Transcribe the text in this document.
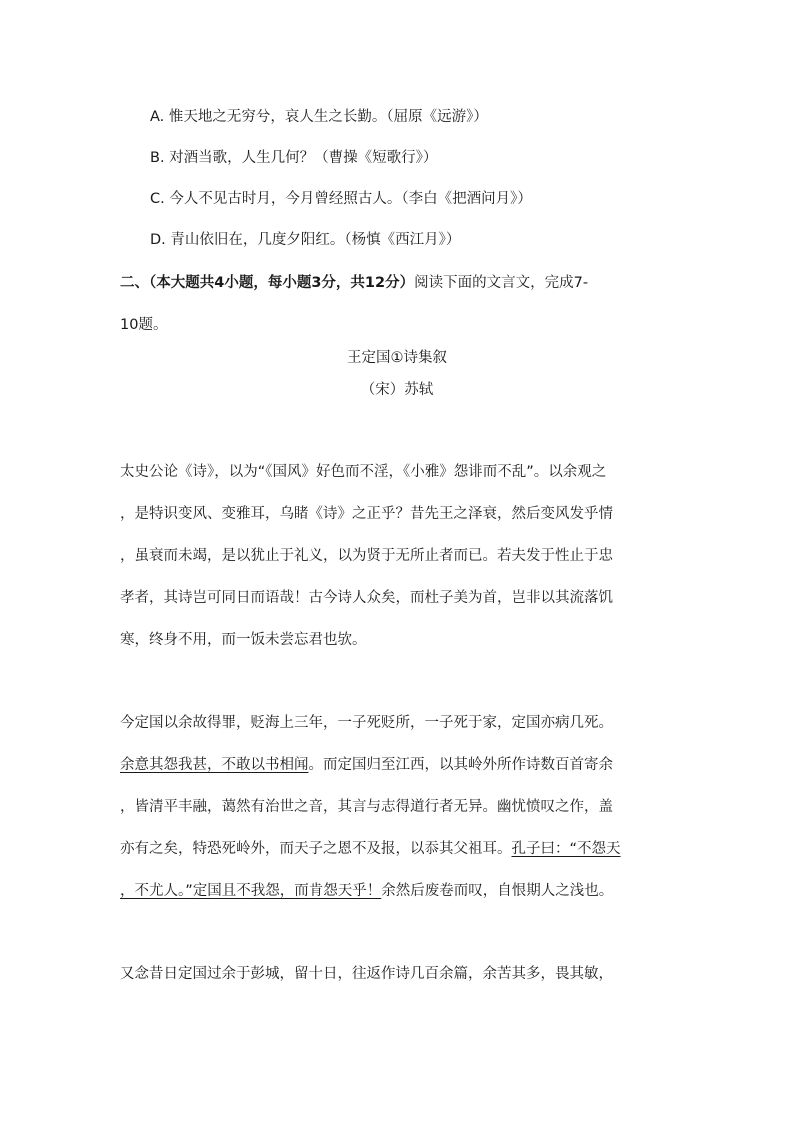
A. 惟天地之无穷兮，哀人生之长勤。（屈原《远游》）
B. 对酒当歌，人生几何？（曹操《短歌行》）
C. 今人不见古时月，今月曾经照古人。（李白《把酒问月》）
D. 青山依旧在，几度夕阳红。（杨慎《西江月》）
二、（本大题共4小题，每小题3分，共12分）阅读下面的文言文，完成7-
10题。
王定国①诗集叙
（宋）苏轼
太史公论《诗》，以为“《国风》好色而不淫，《小雅》怨诽而不乱”。以余观之
，是特识变风、变雅耳，乌睹《诗》之正乎？昔先王之泽衰，然后变风发乎情
，虽衰而未竭，是以犹止于礼义，以为贤于无所止者而已。若夫发于性止于忠
孝者，其诗岂可同日而语哉！古今诗人众矣，而杜子美为首，岂非以其流落饥
寒，终身不用，而一饭未尝忘君也欤。
今定国以余故得罪，贬海上三年，一子死贬所，一子死于家，定国亦病几死。
余意其怨我甚，不敢以书相闻。而定国归至江西，以其岭外所作诗数百首寄余
，皆清平丰融，蔼然有治世之音，其言与志得道行者无异。幽忧愤叹之作，盖
亦有之矣，特恐死岭外，而天子之恩不及报，以忝其父祖耳。孔子曰：“不怨天
，不尤人。”定国且不我怨，而肯怨天乎！余然后废卷而叹，自恨期人之浅也。
又念昔日定国过余于彭城，留十日，往返作诗几百余篇，余苦其多，畏其敏，
